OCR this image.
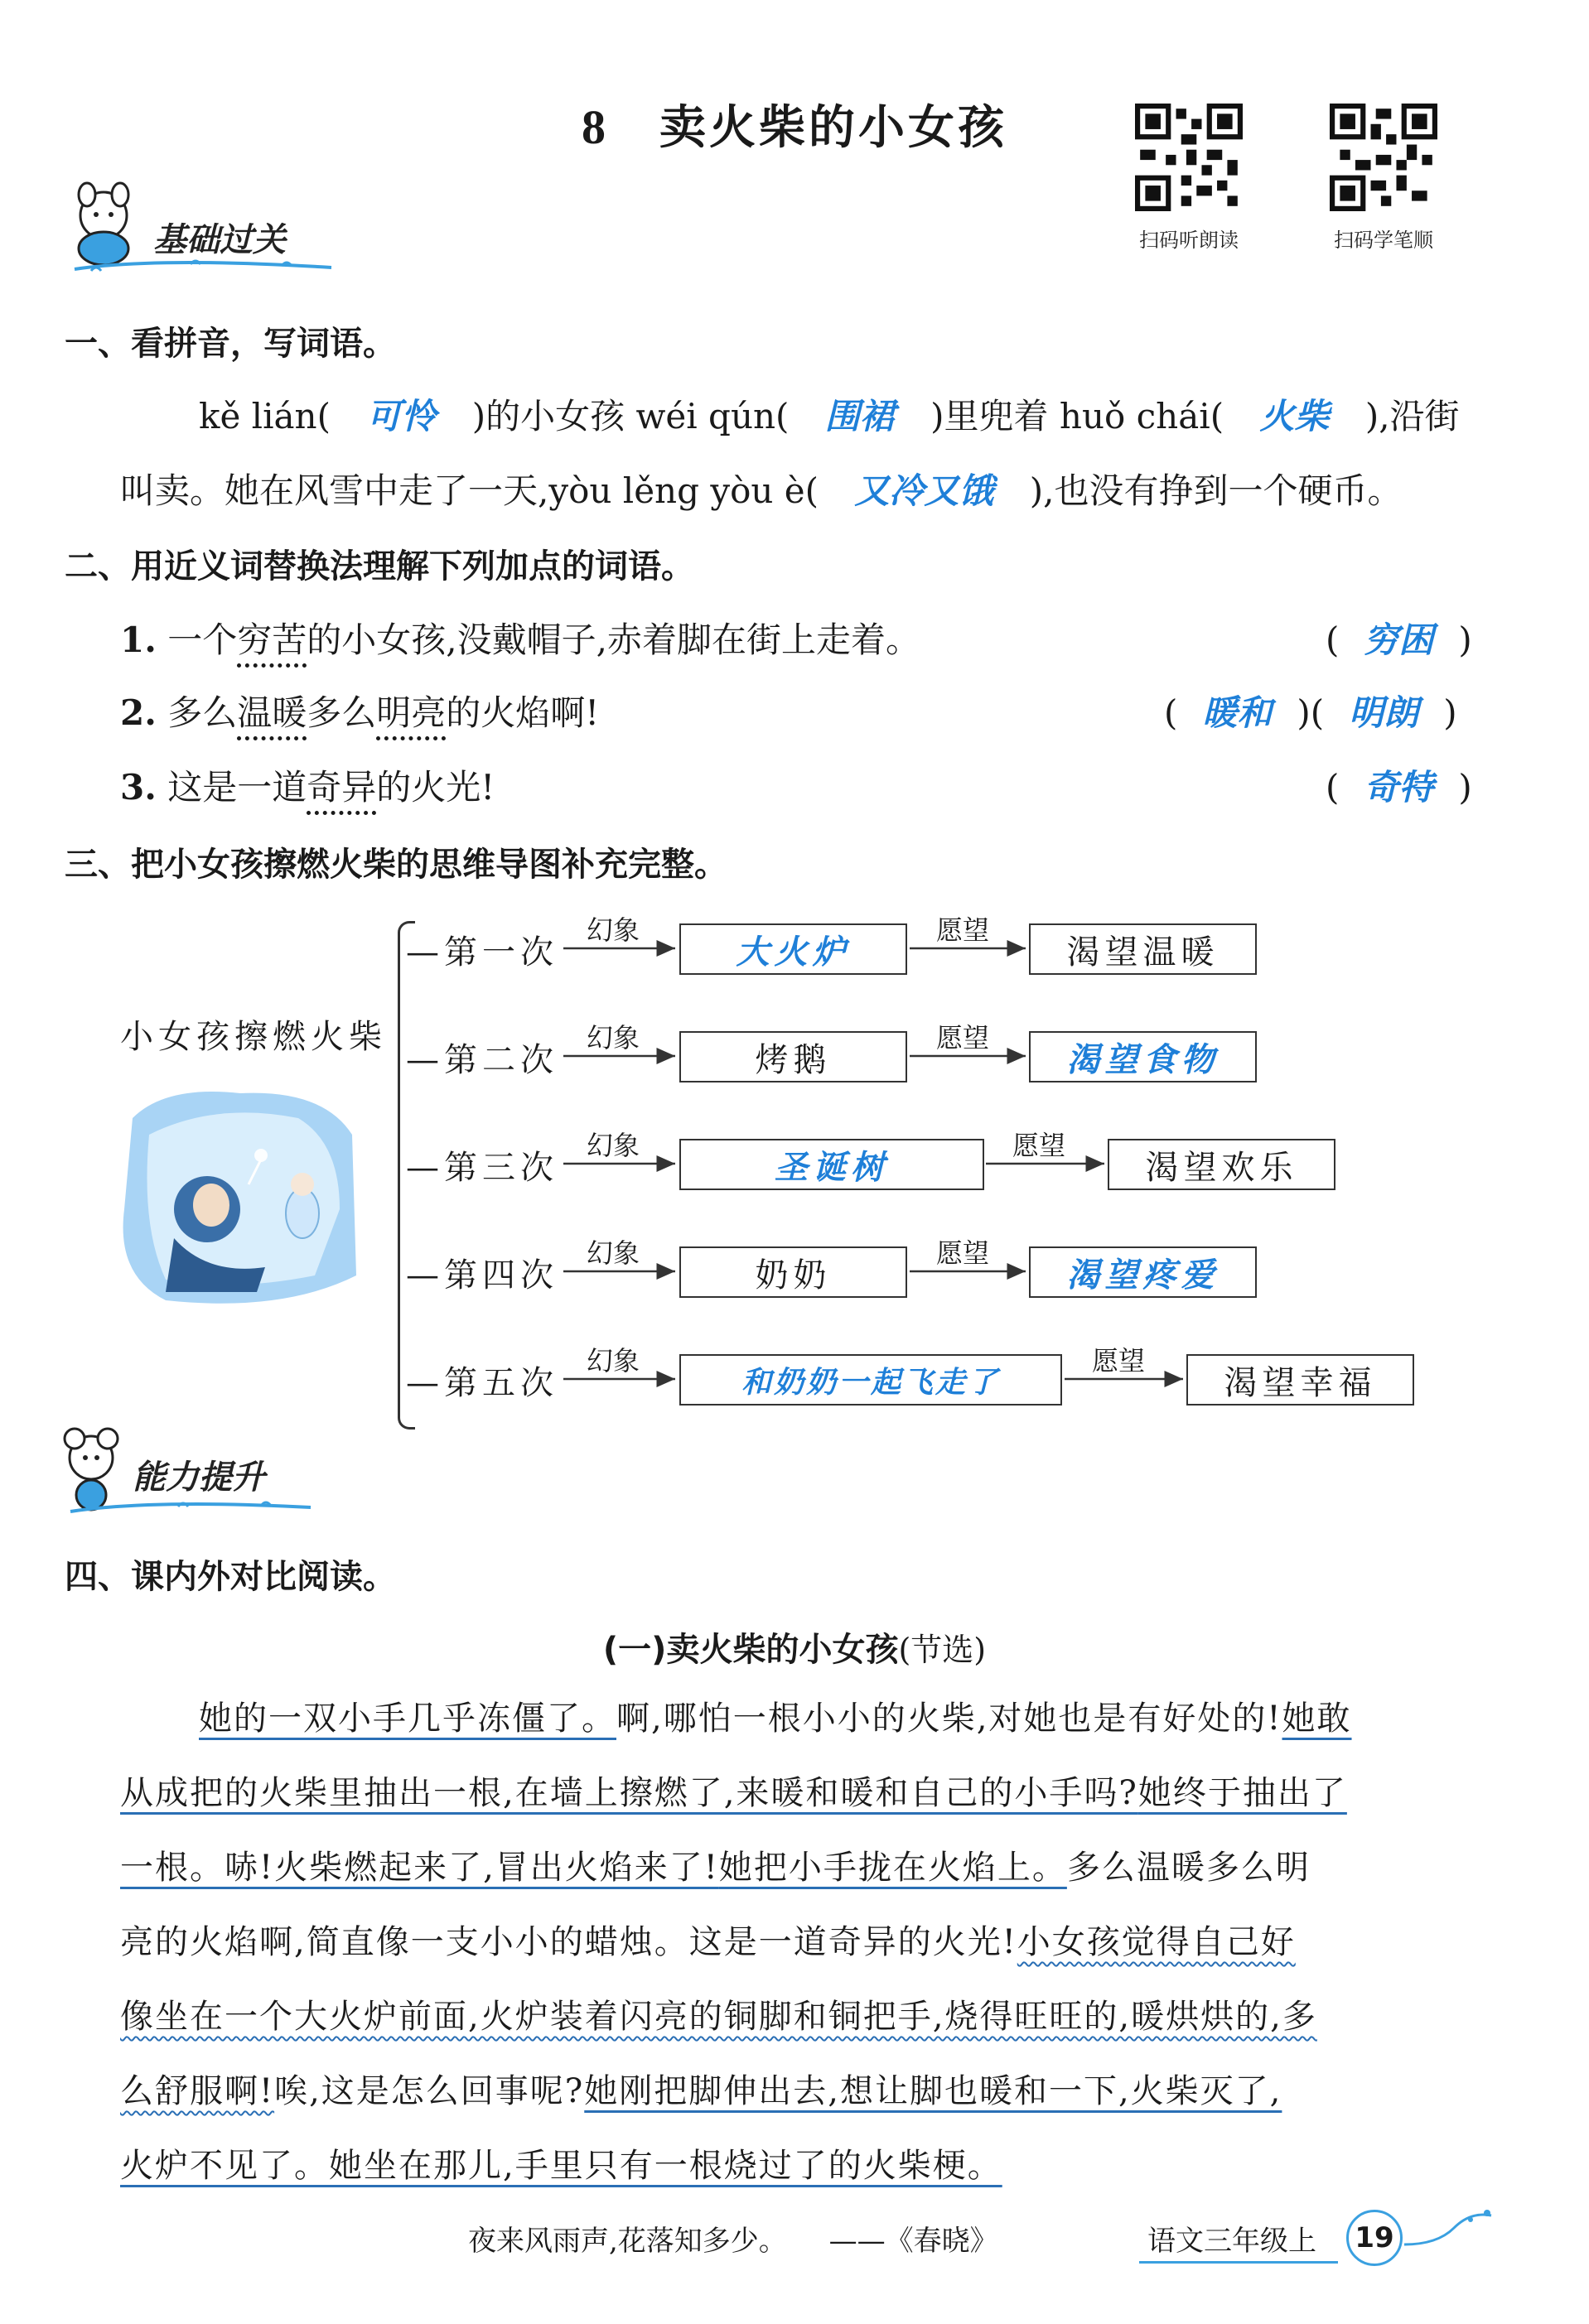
8 卖火柴的小女孩
扫码听朗读	扫码学笔顺
基础过关
一、看拼音，写词语。
kě lián( 可怜 )的小女孩 wéi qún( 围裙 )里兜着 huǒ chái( 火柴 ),沿街
叫卖。她在风雪中走了一天,yòu lěng yòu è( 又冷又饿 ),也没有挣到一个硬币。
二、用近义词替换法理解下列加点的词语。
1. 一个穷苦的小女孩,没戴帽子,赤着脚在街上走着。	( 穷困 )
2. 多么温暖多么明亮的火焰啊!	( 暖和 )( 明朗 )
3. 这是一道奇异的火光!	( 奇特 )
三、把小女孩擦燃火柴的思维导图补充完整。
小女孩擦燃火柴
—第一次
幻象
大火炉
愿望
渴望温暖
—第二次
幻象
烤鹅
愿望
渴望食物
—第三次
幻象
圣诞树
愿望
渴望欢乐
—第四次
幻象
奶奶
愿望
渴望疼爱
—第五次
幻象
和奶奶一起飞走了
愿望
渴望幸福
能力提升
四、课内外对比阅读。
(一)卖火柴的小女孩(节选)
她的一双小手几乎冻僵了。啊,哪怕一根小小的火柴,对她也是有好处的!她敢
从成把的火柴里抽出一根,在墙上擦燃了,来暖和暖和自己的小手吗?她终于抽出了
一根。哧!火柴燃起来了,冒出火焰来了!她把小手拢在火焰上。多么温暖多么明
亮的火焰啊,简直像一支小小的蜡烛。这是一道奇异的火光!小女孩觉得自己好
像坐在一个大火炉前面,火炉装着闪亮的铜脚和铜把手,烧得旺旺的,暖烘烘的,多
么舒服啊!唉,这是怎么回事呢?她刚把脚伸出去,想让脚也暖和一下,火柴灭了,
火炉不见了。她坐在那儿,手里只有一根烧过了的火柴梗。
夜来风雨声,花落知多少。 ——《春晓》	语文三年级上	19
